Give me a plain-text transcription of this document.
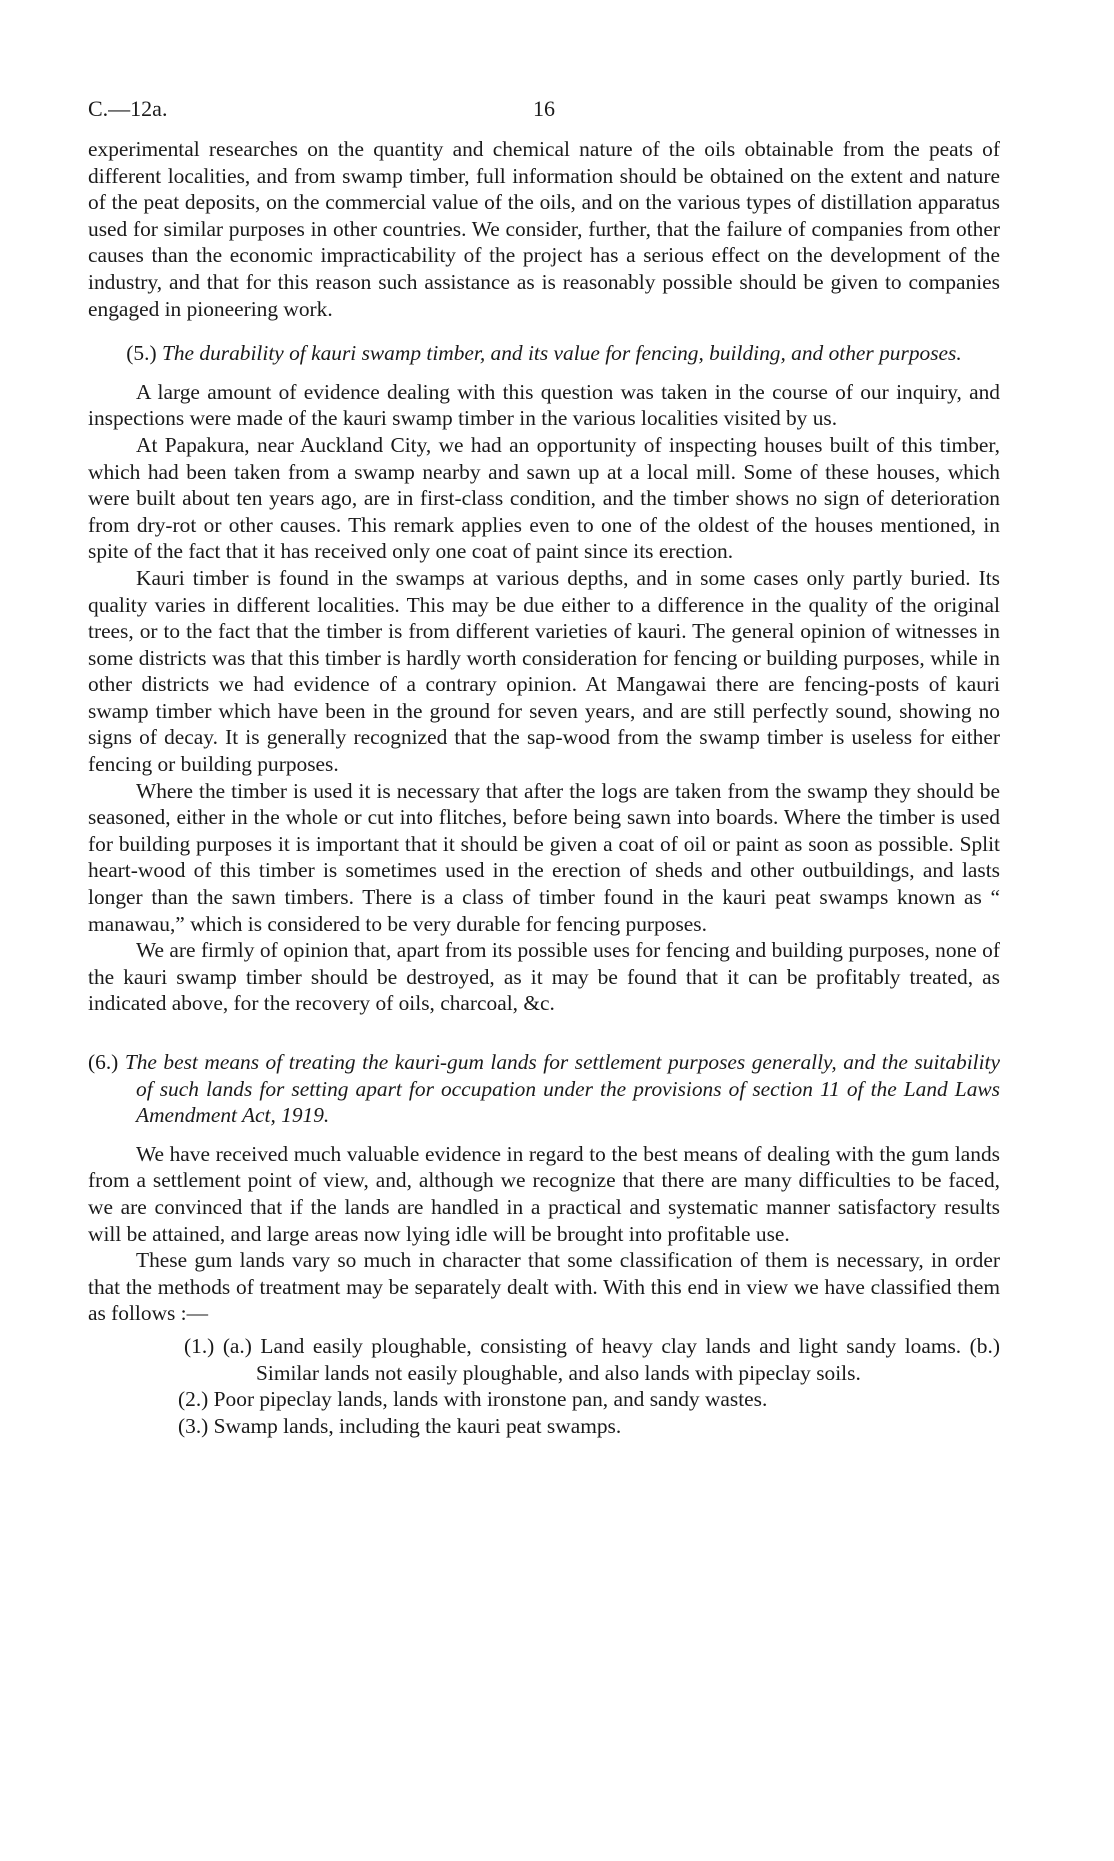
C.—12a.	16

experimental researches on the quantity and chemical nature of the oils obtainable from the peats of different localities, and from swamp timber, full information should be obtained on the extent and nature of the peat deposits, on the commercial value of the oils, and on the various types of distillation apparatus used for similar purposes in other countries. We consider, further, that the failure of companies from other causes than the economic impracticability of the project has a serious effect on the development of the industry, and that for this reason such assistance as is reasonably possible should be given to companies engaged in pioneering work.

(5.) The durability of kauri swamp timber, and its value for fencing, building, and other purposes.

A large amount of evidence dealing with this question was taken in the course of our inquiry, and inspections were made of the kauri swamp timber in the various localities visited by us.

At Papakura, near Auckland City, we had an opportunity of inspecting houses built of this timber, which had been taken from a swamp nearby and sawn up at a local mill. Some of these houses, which were built about ten years ago, are in first-class condition, and the timber shows no sign of deterioration from dry-rot or other causes. This remark applies even to one of the oldest of the houses mentioned, in spite of the fact that it has received only one coat of paint since its erection.

Kauri timber is found in the swamps at various depths, and in some cases only partly buried. Its quality varies in different localities. This may be due either to a difference in the quality of the original trees, or to the fact that the timber is from different varieties of kauri. The general opinion of witnesses in some districts was that this timber is hardly worth consideration for fencing or building purposes, while in other districts we had evidence of a contrary opinion. At Mangawai there are fencing-posts of kauri swamp timber which have been in the ground for seven years, and are still perfectly sound, showing no signs of decay. It is generally recognized that the sap-wood from the swamp timber is useless for either fencing or building purposes.

Where the timber is used it is necessary that after the logs are taken from the swamp they should be seasoned, either in the whole or cut into flitches, before being sawn into boards. Where the timber is used for building purposes it is important that it should be given a coat of oil or paint as soon as possible. Split heart-wood of this timber is sometimes used in the erection of sheds and other outbuildings, and lasts longer than the sawn timbers. There is a class of timber found in the kauri peat swamps known as “ manawau,” which is considered to be very durable for fencing purposes.

We are firmly of opinion that, apart from its possible uses for fencing and building purposes, none of the kauri swamp timber should be destroyed, as it may be found that it can be profitably treated, as indicated above, for the recovery of oils, charcoal, &c.

(6.) The best means of treating the kauri-gum lands for settlement purposes generally, and the suitability of such lands for setting apart for occupation under the provisions of section 11 of the Land Laws Amendment Act, 1919.

We have received much valuable evidence in regard to the best means of dealing with the gum lands from a settlement point of view, and, although we recognize that there are many difficulties to be faced, we are convinced that if the lands are handled in a practical and systematic manner satisfactory results will be attained, and large areas now lying idle will be brought into profitable use.

These gum lands vary so much in character that some classification of them is necessary, in order that the methods of treatment may be separately dealt with. With this end in view we have classified them as follows :—

(1.) (a.) Land easily ploughable, consisting of heavy clay lands and light sandy loams. (b.) Similar lands not easily ploughable, and also lands with pipeclay soils.
(2.) Poor pipeclay lands, lands with ironstone pan, and sandy wastes.
(3.) Swamp lands, including the kauri peat swamps.
